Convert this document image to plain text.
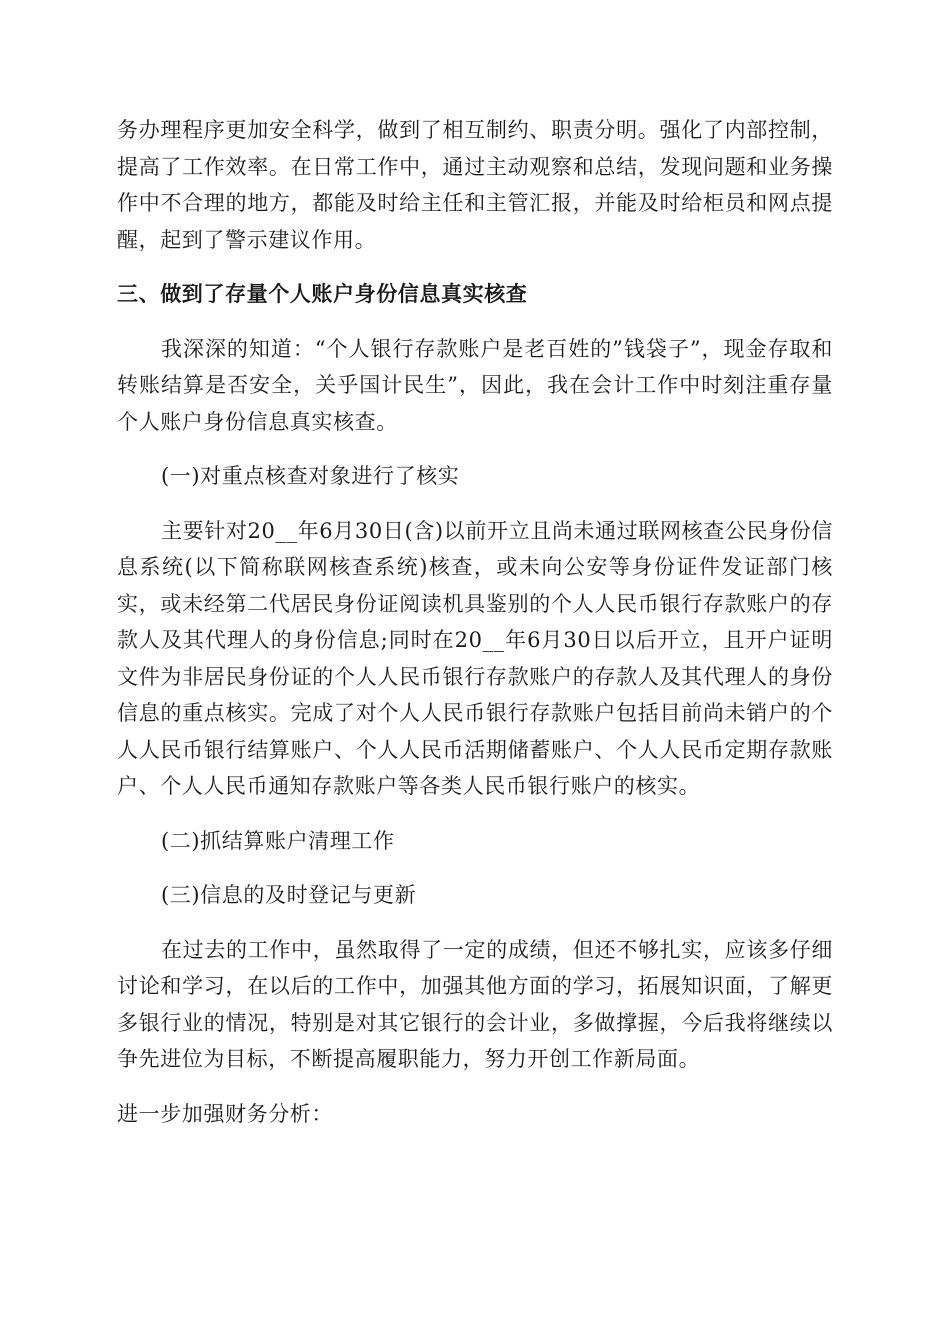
务办理程序更加安全科学，做到了相互制约、职责分明。强化了内部控制，提高了工作效率。在日常工作中，通过主动观察和总结，发现问题和业务操作中不合理的地方，都能及时给主任和主管汇报，并能及时给柜员和网点提醒，起到了警示建议作用。

三、做到了存量个人账户身份信息真实核查

我深深的知道：“个人银行存款账户是老百姓的”钱袋子”，现金存取和转账结算是否安全，关乎国计民生”，因此，我在会计工作中时刻注重存量个人账户身份信息真实核查。

(一)对重点核查对象进行了核实

主要针对20__年6月30日(含)以前开立且尚未通过联网核查公民身份信息系统(以下简称联网核查系统)核查，或未向公安等身份证件发证部门核实，或未经第二代居民身份证阅读机具鉴别的个人人民币银行存款账户的存款人及其代理人的身份信息;同时在20__年6月30日以后开立，且开户证明文件为非居民身份证的个人人民币银行存款账户的存款人及其代理人的身份信息的重点核实。完成了对个人人民币银行存款账户包括目前尚未销户的个人人民币银行结算账户、个人人民币活期储蓄账户、个人人民币定期存款账户、个人人民币通知存款账户等各类人民币银行账户的核实。

(二)抓结算账户清理工作

(三)信息的及时登记与更新

在过去的工作中，虽然取得了一定的成绩，但还不够扎实，应该多仔细讨论和学习，在以后的工作中，加强其他方面的学习，拓展知识面，了解更多银行业的情况，特别是对其它银行的会计业，多做撑握，今后我将继续以争先进位为目标，不断提高履职能力，努力开创工作新局面。

进一步加强财务分析：
